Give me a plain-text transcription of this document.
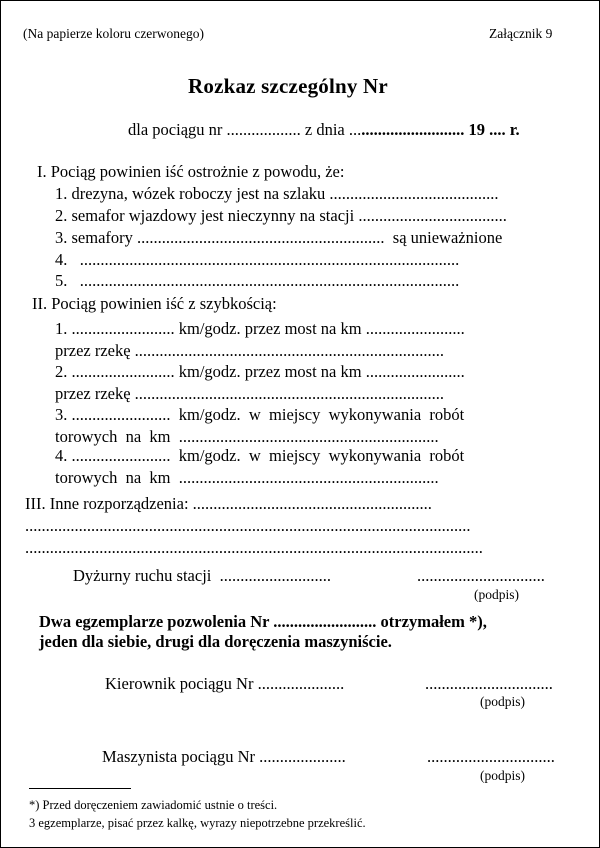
(Na papierze koloru czerwonego)	Załącznik 9
Rozkaz szczególny Nr
dla pociągu nr .................. z dnia ............................ 19 .... r.
I. Pociąg powinien iść ostrożnie z powodu, że:
1. drezyna, wózek roboczy jest na szlaku .........................................
2. semafor wjazdowy jest nieczynny na stacji ....................................
3. semafory ............................................................  są unieważnione
4.   ............................................................................................
5.   ............................................................................................
II. Pociąg powinien iść z szybkością:
1. ......................... km/godz. przez most na km ........................
przez rzekę ...........................................................................
2. ......................... km/godz. przez most na km ........................
przez rzekę ...........................................................................
3. ........................  km/godz.  w  miejscy  wykonywania  robót
torowych  na  km  ...............................................................
4. ........................  km/godz.  w  miejscy  wykonywania  robót
torowych  na  km  ...............................................................
III. Inne rozporządzenia: ..........................................................
............................................................................................................
...............................................................................................................
Dyżurny ruchu stacji  ...........................	...............................
(podpis)
Dwa egzemplarze pozwolenia Nr ......................... otrzymałem *),
jeden dla siebie, drugi dla doręczenia maszyniście.
Kierownik pociągu Nr .....................	...............................
(podpis)
Maszynista pociągu Nr .....................	...............................
(podpis)
*) Przed doręczeniem zawiadomić ustnie o treści.
3 egzemplarze, pisać przez kalkę, wyrazy niepotrzebne przekreślić.
